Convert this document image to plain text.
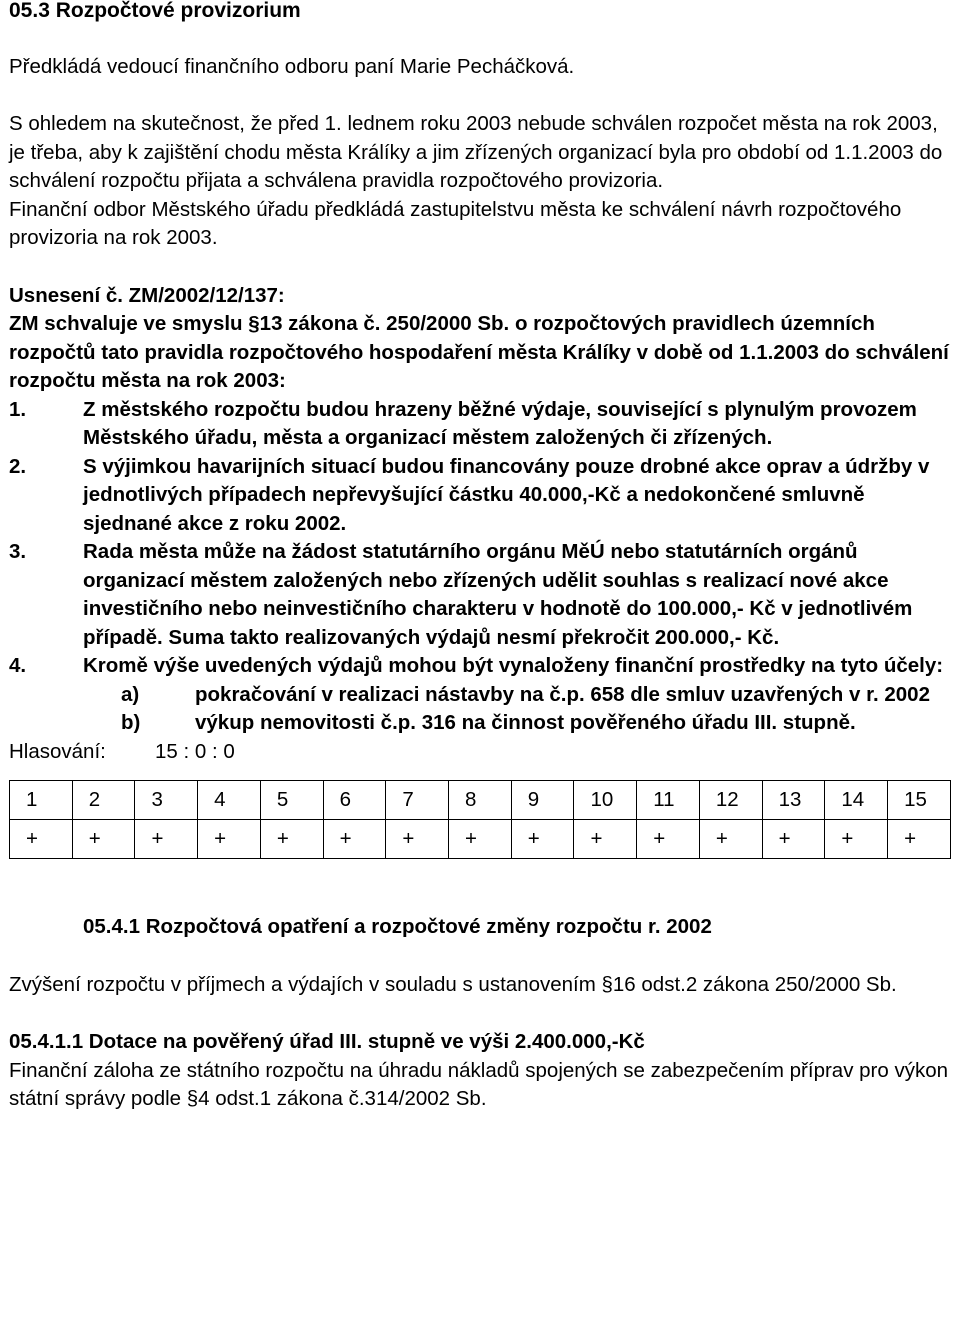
05.3 Rozpočtové provizorium

Předkládá vedoucí finančního odboru paní Marie Pecháčková.

S ohledem na skutečnost, že před 1. lednem roku 2003 nebude schválen rozpočet města na rok 2003, je třeba, aby k zajištění chodu města Králíky a jim zřízených organizací byla pro období od 1.1.2003 do schválení rozpočtu přijata a schválena pravidla rozpočtového provizoria.

Finanční odbor Městského úřadu předkládá zastupitelstvu města ke schválení návrh rozpočtového provizoria na rok 2003.

Usnesení č. ZM/2002/12/137:

ZM schvaluje ve smyslu §13 zákona č. 250/2000 Sb. o rozpočtových pravidlech územních rozpočtů tato pravidla rozpočtového hospodaření města Králíky v době od 1.1.2003 do schválení rozpočtu města na rok 2003:

1.	Z městského rozpočtu budou hrazeny běžné výdaje, související s plynulým provozem Městského úřadu, města a organizací městem založených či zřízených.
2.	S výjimkou havarijních situací budou financovány pouze drobné akce oprav a údržby v jednotlivých případech nepřevyšující částku 40.000,-Kč a nedokončené smluvně sjednané akce z roku 2002.
3.	Rada města může na žádost statutárního orgánu MěÚ nebo statutárních orgánů organizací městem založených nebo zřízených udělit souhlas s realizací nové akce investičního nebo neinvestičního charakteru v hodnotě do 100.000,- Kč v jednotlivém případě. Suma takto realizovaných výdajů nesmí překročit 200.000,- Kč.
4.	Kromě výše uvedených výdajů mohou být vynaloženy finanční prostředky na tyto účely:
a)	pokračování v realizaci nástavby na č.p. 658 dle smluv uzavřených v r. 2002
b)	výkup nemovitosti č.p. 316 na činnost pověřeného úřadu III. stupně.
Hlasování:	15 : 0 : 0
1	2	3	4	5	6	7	8	9	10	11	12	13	14	15
+	+	+	+	+	+	+	+	+	+	+	+	+	+	+

05.4.1 Rozpočtová opatření a rozpočtové změny rozpočtu r. 2002

Zvýšení rozpočtu v příjmech a výdajích v souladu s ustanovením §16 odst.2 zákona 250/2000 Sb.

05.4.1.1 Dotace na pověřený úřad III. stupně ve výši 2.400.000,-Kč

Finanční záloha ze státního rozpočtu na úhradu nákladů spojených se zabezpečením příprav pro výkon státní správy podle §4 odst.1 zákona č.314/2002 Sb.
